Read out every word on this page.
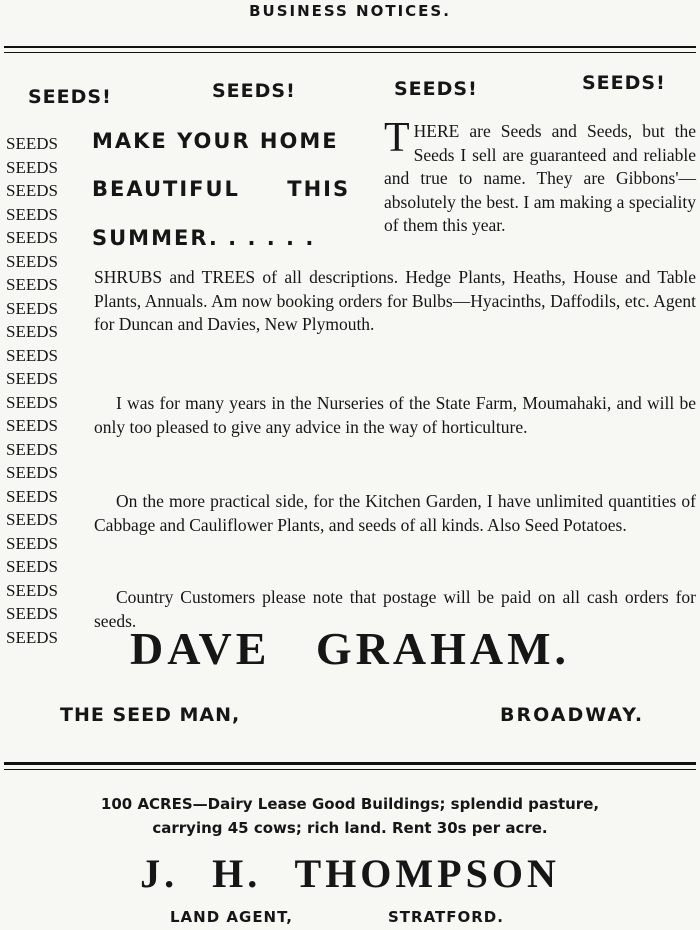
BUSINESS NOTICES.
SEEDS!	SEEDS!	SEEDS!	SEEDS!
SEEDS
SEEDS
SEEDS
SEEDS
SEEDS
SEEDS
SEEDS
SEEDS
SEEDS
SEEDS
SEEDS
SEEDS
SEEDS
SEEDS
SEEDS
SEEDS
SEEDS
SEEDS
SEEDS
SEEDS
SEEDS
SEEDS
MAKE YOUR HOME
BEAUTIFUL THIS
SUMMER. . . . . .
T HERE are Seeds and Seeds, but the Seeds I sell are guaranteed and reliable and true to name. They are Gibbons'—absolutely the best. I am making a speciality of them this year.
SHRUBS and TREES of all descriptions. Hedge Plants, Heaths, House and Table Plants, Annuals. Am now booking orders for Bulbs—Hyacinths, Daffodils, etc. Agent for Duncan and Davies, New Plymouth.
I was for many years in the Nurseries of the State Farm, Moumahaki, and will be only too pleased to give any advice in the way of horticulture.
On the more practical side, for the Kitchen Garden, I have unlimited quantities of Cabbage and Cauliflower Plants, and seeds of all kinds. Also Seed Potatoes.
Country Customers please note that postage will be paid on all cash orders for seeds.
DAVE GRAHAM.
THE SEED MAN,	BROADWAY.
100 ACRES—Dairy Lease Good Buildings; splendid pasture,
carrying 45 cows; rich land. Rent 30s per acre.
J. H. THOMPSON
LAND AGENT,	STRATFORD.
